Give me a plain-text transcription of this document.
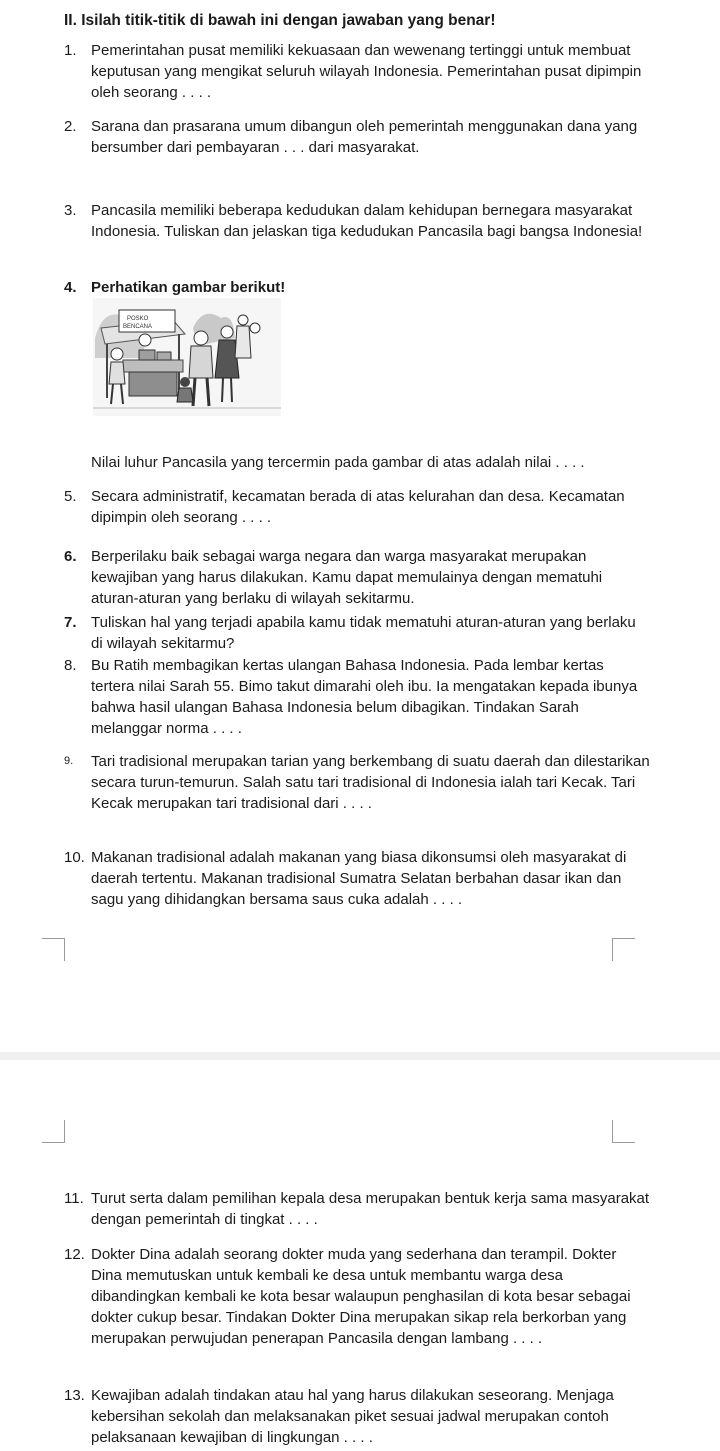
II. Isilah titik-titik di bawah ini dengan jawaban yang benar!
1. Pemerintahan pusat memiliki kekuasaan dan wewenang tertinggi untuk membuat keputusan yang mengikat seluruh wilayah Indonesia. Pemerintahan pusat dipimpin oleh seorang . . . .
2. Sarana dan prasarana umum dibangun oleh pemerintah menggunakan dana yang bersumber dari pembayaran . . . dari masyarakat.
3. Pancasila memiliki beberapa kedudukan dalam kehidupan bernegara masyarakat Indonesia. Tuliskan dan jelaskan tiga kedudukan Pancasila bagi bangsa Indonesia!
4. Perhatikan gambar berikut!
POSKO
BENCANA
Nilai luhur Pancasila yang tercermin pada gambar di atas adalah nilai . . . .
5. Secara administratif, kecamatan berada di atas kelurahan dan desa. Kecamatan dipimpin oleh seorang . . . .
6. Berperilaku baik sebagai warga negara dan warga masyarakat merupakan kewajiban yang harus dilakukan. Kamu dapat memulainya dengan mematuhi aturan-aturan yang berlaku di wilayah sekitarmu.
7. Tuliskan hal yang terjadi apabila kamu tidak mematuhi aturan-aturan yang berlaku di wilayah sekitarmu?
8. Bu Ratih membagikan kertas ulangan Bahasa Indonesia. Pada lembar kertas tertera nilai Sarah 55. Bimo takut dimarahi oleh ibu. Ia mengatakan kepada ibunya bahwa hasil ulangan Bahasa Indonesia belum dibagikan. Tindakan Sarah melanggar norma . . . .
9.	Tari tradisional merupakan tarian yang berkembang di suatu daerah dan dilestarikan secara turun-temurun. Salah satu tari tradisional di Indonesia ialah tari Kecak. Tari Kecak merupakan tari tradisional dari . . . .
10. Makanan tradisional adalah makanan yang biasa dikonsumsi oleh masyarakat di daerah tertentu. Makanan tradisional Sumatra Selatan berbahan dasar ikan dan sagu yang dihidangkan bersama saus cuka adalah . . . .
11. Turut serta dalam pemilihan kepala desa merupakan bentuk kerja sama masyarakat dengan pemerintah di tingkat . . . .
12. Dokter Dina adalah seorang dokter muda yang sederhana dan terampil. Dokter Dina memutuskan untuk kembali ke desa untuk membantu warga desa dibandingkan kembali ke kota besar walaupun penghasilan di kota besar sebagai dokter cukup besar. Tindakan Dokter Dina merupakan sikap rela berkorban yang merupakan perwujudan penerapan Pancasila dengan lambang . . . .
13. Kewajiban adalah tindakan atau hal yang harus dilakukan seseorang. Menjaga kebersihan sekolah dan melaksanakan piket sesuai jadwal merupakan contoh pelaksanaan kewajiban di lingkungan . . . .
